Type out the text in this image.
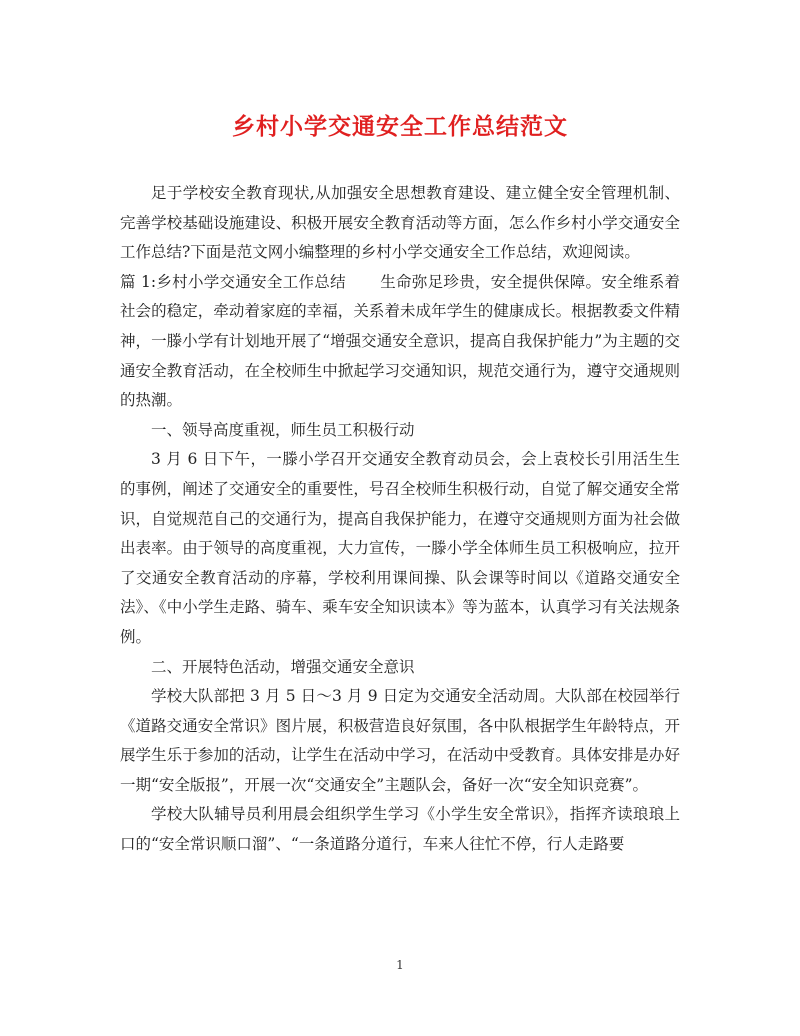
乡村小学交通安全工作总结范文

足于学校安全教育现状,从加强安全思想教育建设、建立健全安全管理机制、完善学校基础设施建设、积极开展安全教育活动等方面，怎么作乡村小学交通安全工作总结?下面是范文网小编整理的乡村小学交通安全工作总结，欢迎阅读。

篇 1:乡村小学交通安全工作总结 生命弥足珍贵，安全提供保障。安全维系着社会的稳定，牵动着家庭的幸福，关系着未成年学生的健康成长。根据教委文件精神，一滕小学有计划地开展了“增强交通安全意识，提高自我保护能力”为主题的交通安全教育活动，在全校师生中掀起学习交通知识，规范交通行为，遵守交通规则的热潮。

一、领导高度重视，师生员工积极行动

3 月 6 日下午，一滕小学召开交通安全教育动员会，会上袁校长引用活生生的事例，阐述了交通安全的重要性，号召全校师生积极行动，自觉了解交通安全常识，自觉规范自己的交通行为，提高自我保护能力，在遵守交通规则方面为社会做出表率。由于领导的高度重视，大力宣传，一滕小学全体师生员工积极响应，拉开了交通安全教育活动的序幕，学校利用课间操、队会课等时间以《道路交通安全法》、《中小学生走路、骑车、乘车安全知识读本》等为蓝本，认真学习有关法规条例。

二、开展特色活动，增强交通安全意识

学校大队部把 3 月 5 日～3 月 9 日定为交通安全活动周。大队部在校园举行《道路交通安全常识》图片展，积极营造良好氛围，各中队根据学生年龄特点，开展学生乐于参加的活动，让学生在活动中学习，在活动中受教育。具体安排是办好一期“安全版报”，开展一次“交通安全”主题队会，备好一次“安全知识竞赛”。

学校大队辅导员利用晨会组织学生学习《小学生安全常识》，指挥齐读琅琅上口的“安全常识顺口溜”、“一条道路分道行，车来人往忙不停，行人走路要

1
